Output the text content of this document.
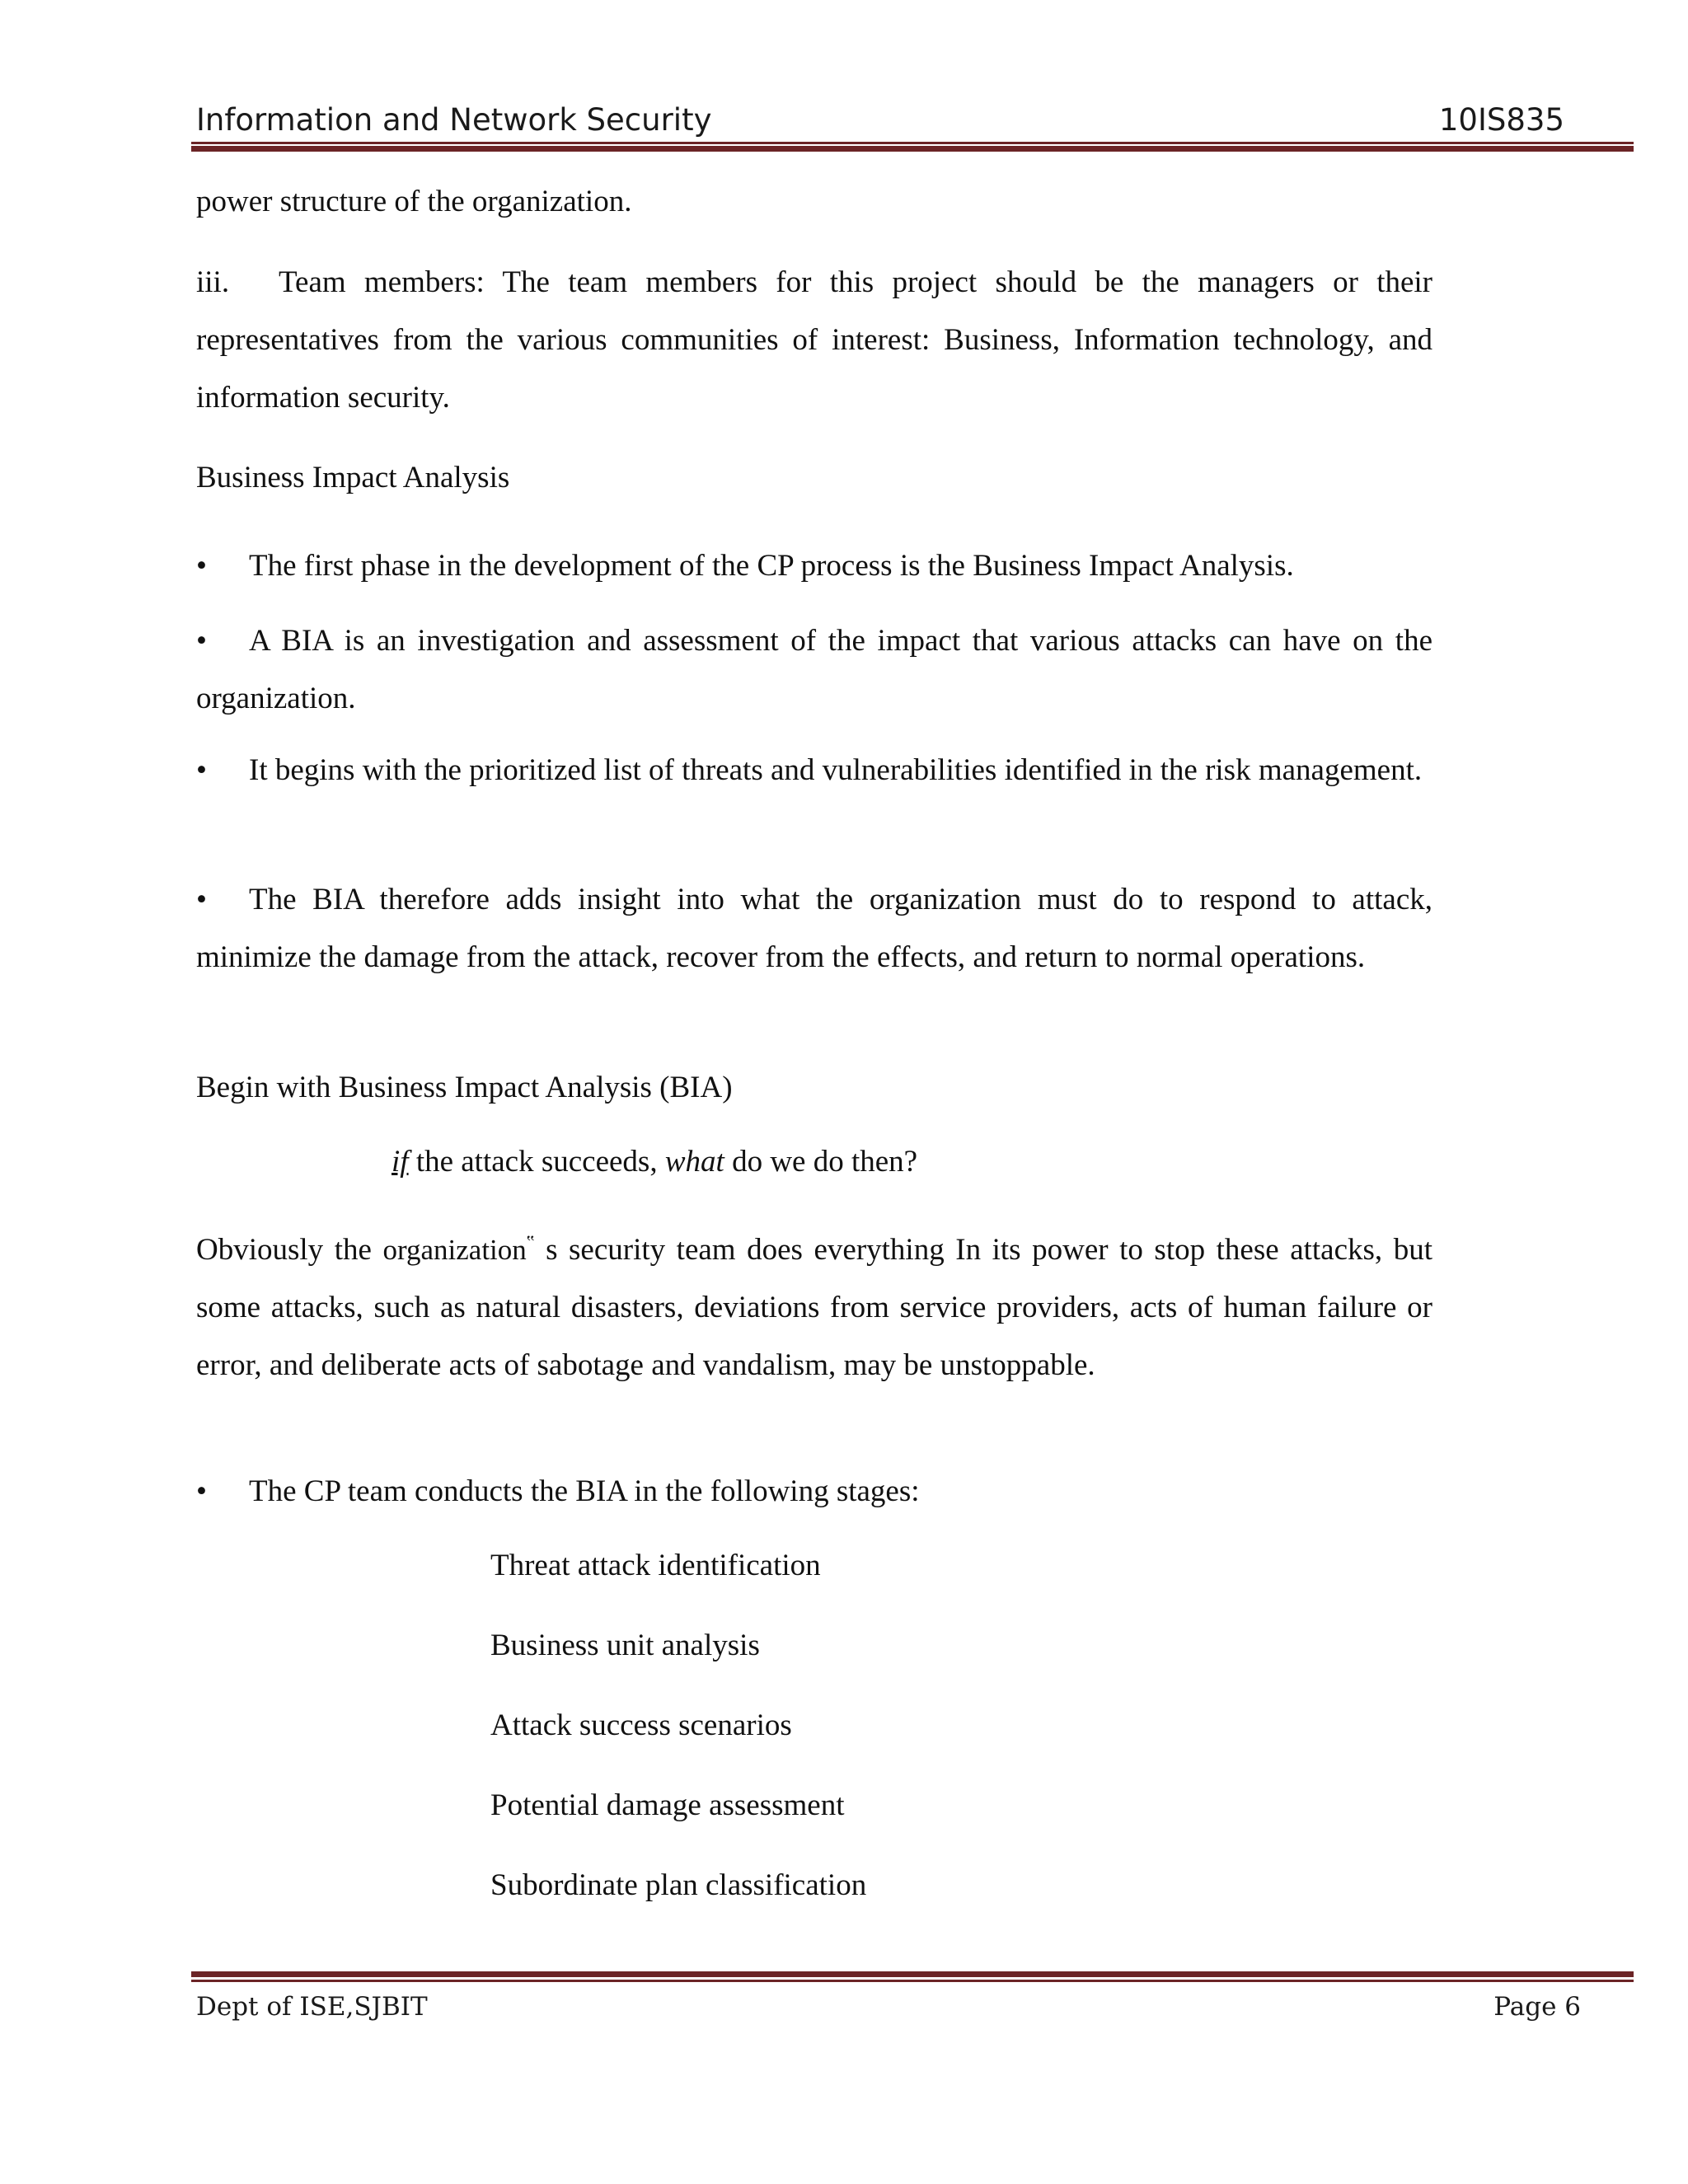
Information and Network Security	10IS835
power structure of the organization.

iii. Team members: The team members for this project should be the managers or their representatives from the various communities of interest: Business, Information technology, and information security.

Business Impact Analysis

• The first phase in the development of the CP process is the Business Impact Analysis.

• A BIA is an investigation and assessment of the impact that various attacks can have on the organization.

• It begins with the prioritized list of threats and vulnerabilities identified in the risk management.

• The BIA therefore adds insight into what the organization must do to respond to attack, minimize the damage from the attack, recover from the effects, and return to normal operations.

Begin with Business Impact Analysis (BIA)
if the attack succeeds, what do we do then?

Obviously the organization‟ s security team does everything In its power to stop these attacks, but some attacks, such as natural disasters, deviations from service providers, acts of human failure or error, and deliberate acts of sabotage and vandalism, may be unstoppable.

• The CP team conducts the BIA in the following stages:

Threat attack identification
Business unit analysis
Attack success scenarios
Potential damage assessment
Subordinate plan classification
Dept of ISE,SJBIT	Page 6
